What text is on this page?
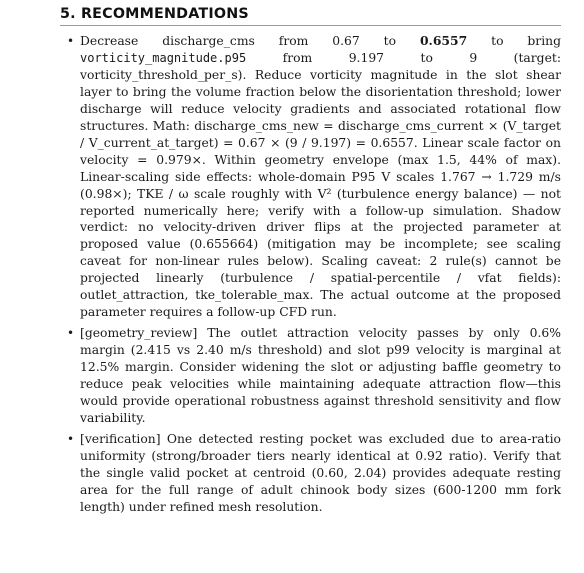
5. RECOMMENDATIONS
• Decrease discharge_cms from 0.67 to 0.6557 to bring vorticity_magnitude.p95 from 9.197 to 9 (target: vorticity_threshold_per_s). Reduce vorticity magnitude in the slot shear layer to bring the volume fraction below the disorientation threshold; lower discharge will reduce velocity gradients and associated rotational flow structures. Math: discharge_cms_new = discharge_cms_current × (V_target / V_current_at_target) = 0.67 × (9 / 9.197) = 0.6557. Linear scale factor on velocity = 0.979×. Within geometry envelope (max 1.5, 44% of max). Linear-scaling side effects: whole-domain P95 V scales 1.767 → 1.729 m/s (0.98×); TKE / ω scale roughly with V² (turbulence energy balance) — not reported numerically here; verify with a follow-up simulation. Shadow verdict: no velocity-driven driver flips at the projected parameter at proposed value (0.655664) (mitigation may be incomplete; see scaling caveat for non-linear rules below). Scaling caveat: 2 rule(s) cannot be projected linearly (turbulence / spatial-percentile / vfat fields): outlet_attraction, tke_tolerable_max. The actual outcome at the proposed parameter requires a follow-up CFD run.
• [geometry_review] The outlet attraction velocity passes by only 0.6% margin (2.415 vs 2.40 m/s threshold) and slot p99 velocity is marginal at 12.5% margin. Consider widening the slot or adjusting baffle geometry to reduce peak velocities while maintaining adequate attraction flow—this would provide operational robustness against threshold sensitivity and flow variability.
• [verification] One detected resting pocket was excluded due to area-ratio uniformity (strong/broader tiers nearly identical at 0.92 ratio). Verify that the single valid pocket at centroid (0.60, 2.04) provides adequate resting area for the full range of adult chinook body sizes (600-1200 mm fork length) under refined mesh resolution.
